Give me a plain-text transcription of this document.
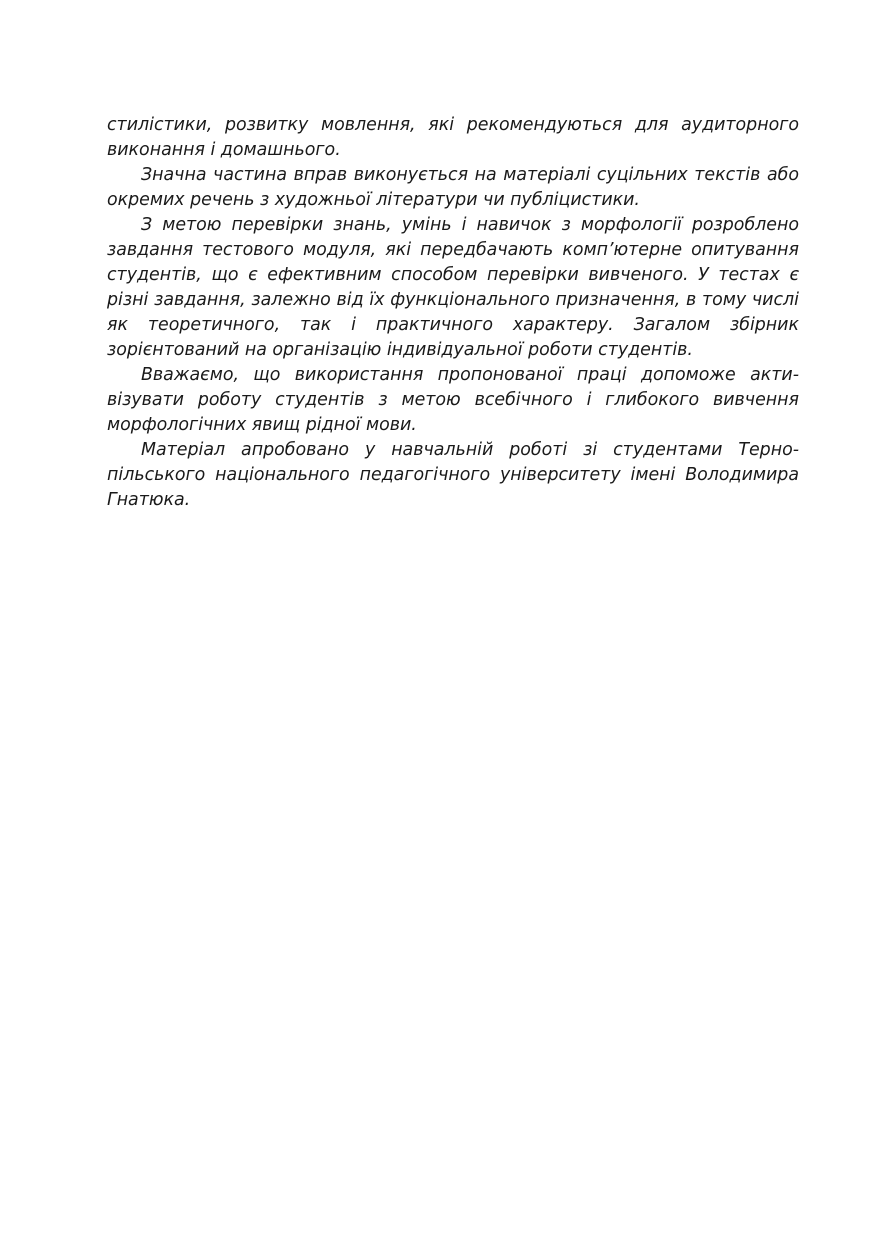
стилістики, розвитку мовлення, які рекомендуються для аудиторного виконання і домашнього.

Значна частина вправ виконується на матеріалі суцільних текстів або окремих речень з художньої літератури чи публіцистики.

З метою перевірки знань, умінь і навичок з морфології розроблено завдання тестового модуля, які передбачають комп’ютерне опитування студентів, що є ефективним способом перевірки вивченого. У тестах є різні завдання, залежно від їх функціонального призначення, в тому числі як теоретичного, так і практичного характеру. Загалом збірник зорієнтований на організацію індивідуальної роботи студентів.

Вважаємо, що використання пропонованої праці допоможе активізувати роботу студентів з метою всебічного і глибокого вивчення морфологічних явищ рідної мови.

Матеріал апробовано у навчальній роботі зі студентами Тернопільського національного педагогічного університету імені Володимира Гнатюка.
